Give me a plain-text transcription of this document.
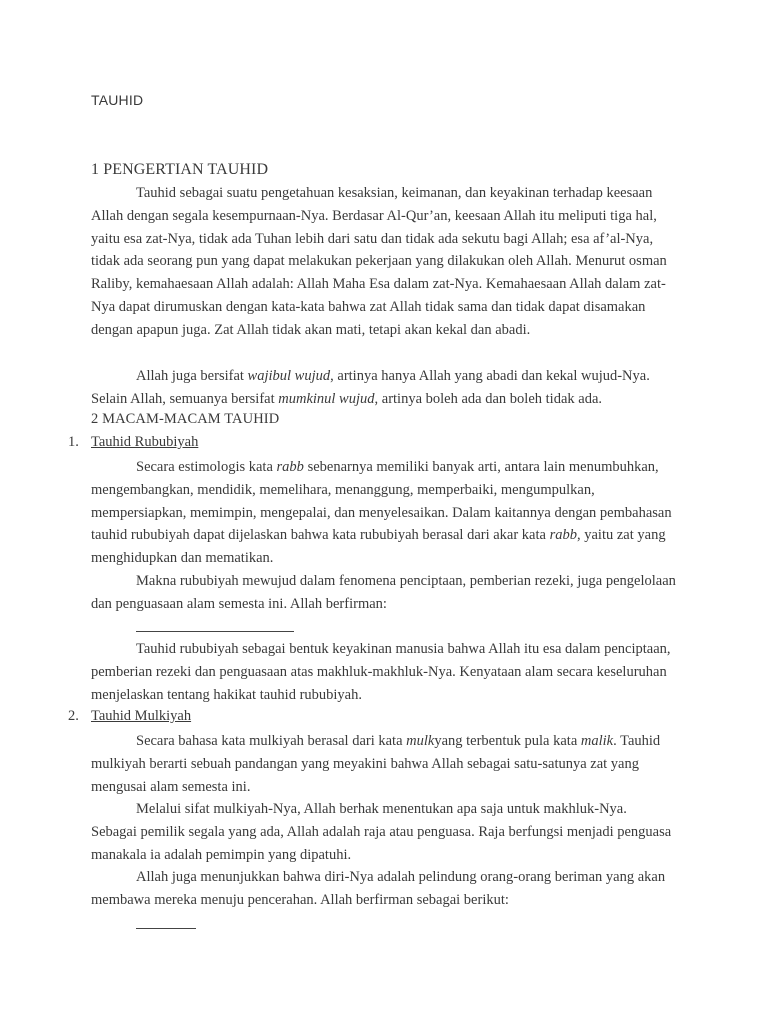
TAUHID
1 PENGERTIAN TAUHID

Tauhid sebagai suatu pengetahuan kesaksian, keimanan, dan keyakinan terhadap keesaan Allah dengan segala kesempurnaan-Nya. Berdasar Al-Qur’an, keesaan Allah itu meliputi tiga hal, yaitu esa zat-Nya, tidak ada Tuhan lebih dari satu dan tidak ada sekutu bagi Allah; esa af’al-Nya, tidak ada seorang pun yang dapat melakukan pekerjaan yang dilakukan oleh Allah. Menurut osman Raliby, kemahaesaan Allah adalah: Allah Maha Esa dalam zat-Nya. Kemahaesaan Allah dalam zat-Nya dapat dirumuskan dengan kata-kata bahwa zat Allah tidak sama dan tidak dapat disamakan dengan apapun juga. Zat Allah tidak akan mati, tetapi akan kekal dan abadi.

Allah juga bersifat wajibul wujud, artinya hanya Allah yang abadi dan kekal wujud-Nya. Selain Allah, semuanya bersifat mumkinul wujud, artinya boleh ada dan boleh tidak ada.

2 MACAM-MACAM TAUHID
1. Tauhid Rububiyah

Secara estimologis kata rabb sebenarnya memiliki banyak arti, antara lain menumbuhkan, mengembangkan, mendidik, memelihara, menanggung, memperbaiki, mengumpulkan, mempersiapkan, memimpin, mengepalai, dan menyelesaikan. Dalam kaitannya dengan pembahasan tauhid rububiyah dapat dijelaskan bahwa kata rububiyah berasal dari akar kata rabb, yaitu zat yang menghidupkan dan mematikan.

Makna rububiyah mewujud dalam fenomena penciptaan, pemberian rezeki, juga pengelolaan dan penguasaan alam semesta ini. Allah berfirman:

Tauhid rububiyah sebagai bentuk keyakinan manusia bahwa Allah itu esa dalam penciptaan, pemberian rezeki dan penguasaan atas makhluk-makhluk-Nya. Kenyataan alam secara keseluruhan menjelaskan tentang hakikat tauhid rububiyah.

2. Tauhid Mulkiyah

Secara bahasa kata mulkiyah berasal dari kata mulkyang terbentuk pula kata malik. Tauhid mulkiyah berarti sebuah pandangan yang meyakini bahwa Allah sebagai satu-satunya zat yang mengusai alam semesta ini.

Melalui sifat mulkiyah-Nya, Allah berhak menentukan apa saja untuk makhluk-Nya. Sebagai pemilik segala yang ada, Allah adalah raja atau penguasa. Raja berfungsi menjadi penguasa manakala ia adalah pemimpin yang dipatuhi.

Allah juga menunjukkan bahwa diri-Nya adalah pelindung orang-orang beriman yang akan membawa mereka menuju pencerahan. Allah berfirman sebagai berikut:
